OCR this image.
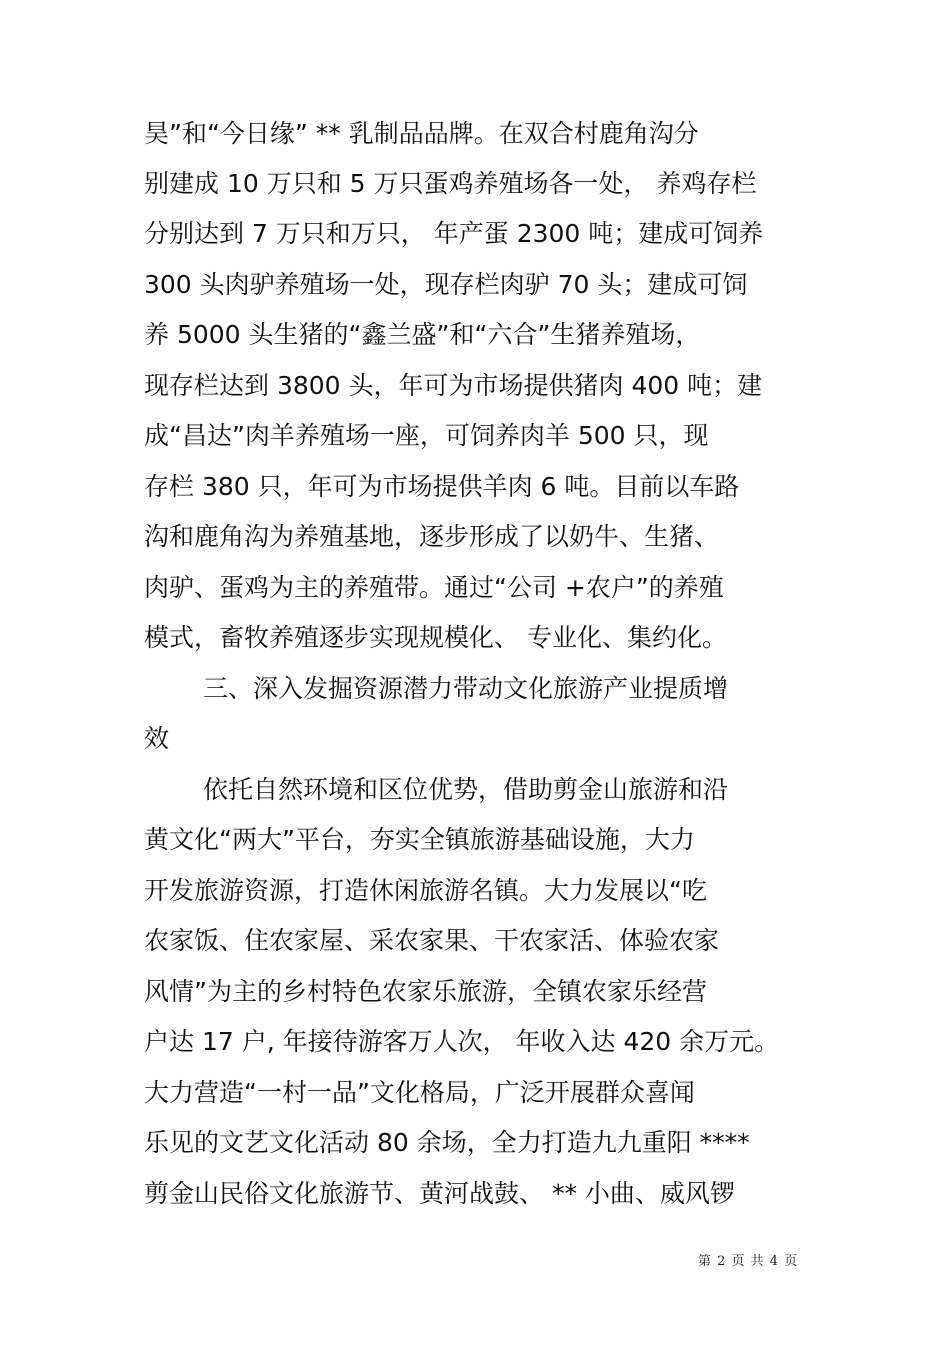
昊”和“今日缘” ** 乳制品品牌。在双合村鹿角沟分
别建成 10 万只和 5 万只蛋鸡养殖场各一处， 养鸡存栏
分别达到 7 万只和万只， 年产蛋 2300 吨；建成可饲养
300 头肉驴养殖场一处，现存栏肉驴 70 头；建成可饲
养 5000 头生猪的“鑫兰盛”和“六合”生猪养殖场，
现存栏达到 3800 头，年可为市场提供猪肉 400 吨；建
成“昌达”肉羊养殖场一座，可饲养肉羊 500 只，现
存栏 380 只，年可为市场提供羊肉 6 吨。目前以车路
沟和鹿角沟为养殖基地，逐步形成了以奶牛、生猪、
肉驴、蛋鸡为主的养殖带。通过“公司 +农户”的养殖
模式，畜牧养殖逐步实现规模化、 专业化、集约化。
三、深入发掘资源潜力带动文化旅游产业提质增
效
依托自然环境和区位优势，借助剪金山旅游和沿
黄文化“两大”平台，夯实全镇旅游基础设施，大力
开发旅游资源，打造休闲旅游名镇。大力发展以“吃
农家饭、住农家屋、采农家果、干农家活、体验农家
风情”为主的乡村特色农家乐旅游，全镇农家乐经营
户达 17 户, 年接待游客万人次， 年收入达 420 余万元。
大力营造“一村一品”文化格局，广泛开展群众喜闻
乐见的文艺文化活动 80 余场，全力打造九九重阳 ****
剪金山民俗文化旅游节、黄河战鼓、 ** 小曲、威风锣
第 2 页 共 4 页
